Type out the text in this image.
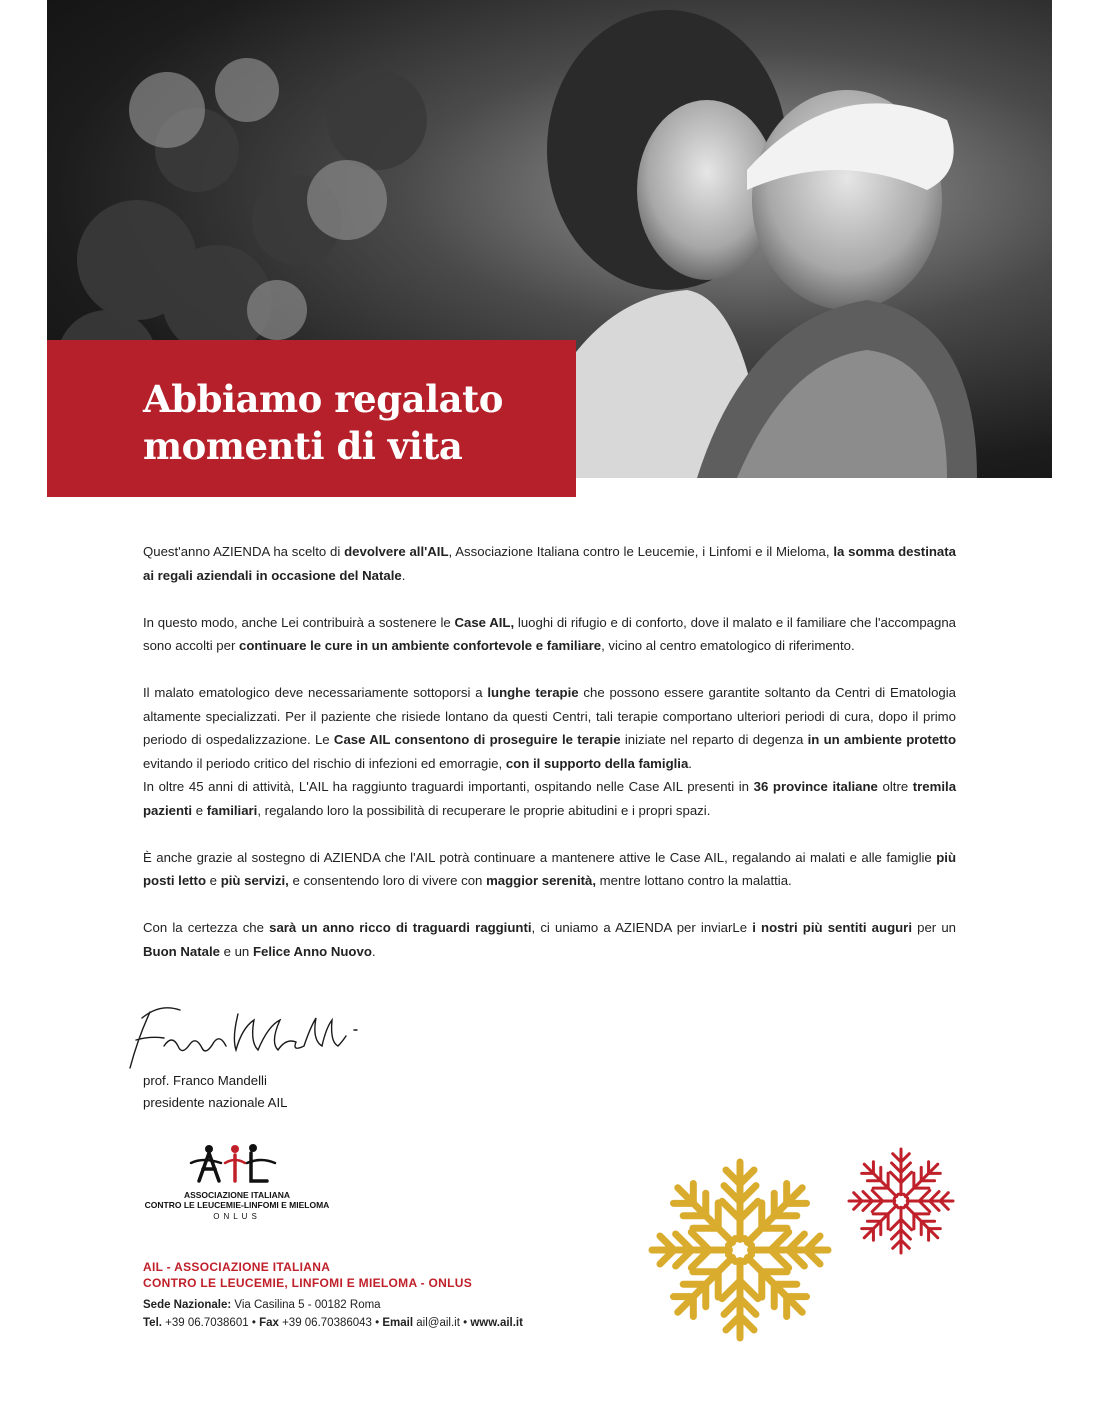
Abbiamo regalato
momenti di vita

Quest'anno AZIENDA ha scelto di devolvere all'AIL, Associazione Italiana contro le Leucemie, i Linfomi e il Mieloma, la somma destinata ai regali aziendali in occasione del Natale.

In questo modo, anche Lei contribuirà a sostenere le Case AIL, luoghi di rifugio e di conforto, dove il malato e il familiare che l'accompagna sono accolti per continuare le cure in un ambiente confortevole e familiare, vicino al centro ematologico di riferimento.

Il malato ematologico deve necessariamente sottoporsi a lunghe terapie che possono essere garantite soltanto da Centri di Ematologia altamente specializzati. Per il paziente che risiede lontano da questi Centri, tali terapie comportano ulteriori periodi di cura, dopo il primo periodo di ospedalizzazione. Le Case AIL consentono di proseguire le terapie iniziate nel reparto di degenza in un ambiente protetto evitando il periodo critico del rischio di infezioni ed emorragie, con il supporto della famiglia.

In oltre 45 anni di attività, L'AIL ha raggiunto traguardi importanti, ospitando nelle Case AIL presenti in 36 province italiane oltre tremila pazienti e familiari, regalando loro la possibilità di recuperare le proprie abitudini e i propri spazi.

È anche grazie al sostegno di AZIENDA che l'AIL potrà continuare a mantenere attive le Case AIL, regalando ai malati e alle famiglie più posti letto e più servizi, e consentendo loro di vivere con maggior serenità, mentre lottano contro la malattia.

Con la certezza che sarà un anno ricco di traguardi raggiunti, ci uniamo a AZIENDA per inviarLe i nostri più sentiti auguri per un Buon Natale e un Felice Anno Nuovo.

prof. Franco Mandelli
presidente nazionale AIL
ASSOCIAZIONE ITALIANA
CONTRO LE LEUCEMIE-LINFOMI E MIELOMA
ONLUS
AIL - ASSOCIAZIONE ITALIANA
CONTRO LE LEUCEMIE, LINFOMI E MIELOMA - ONLUS
Sede Nazionale: Via Casilina 5 - 00182 Roma
Tel. +39 06.7038601 • Fax +39 06.70386043 • Email ail@ail.it • www.ail.it
